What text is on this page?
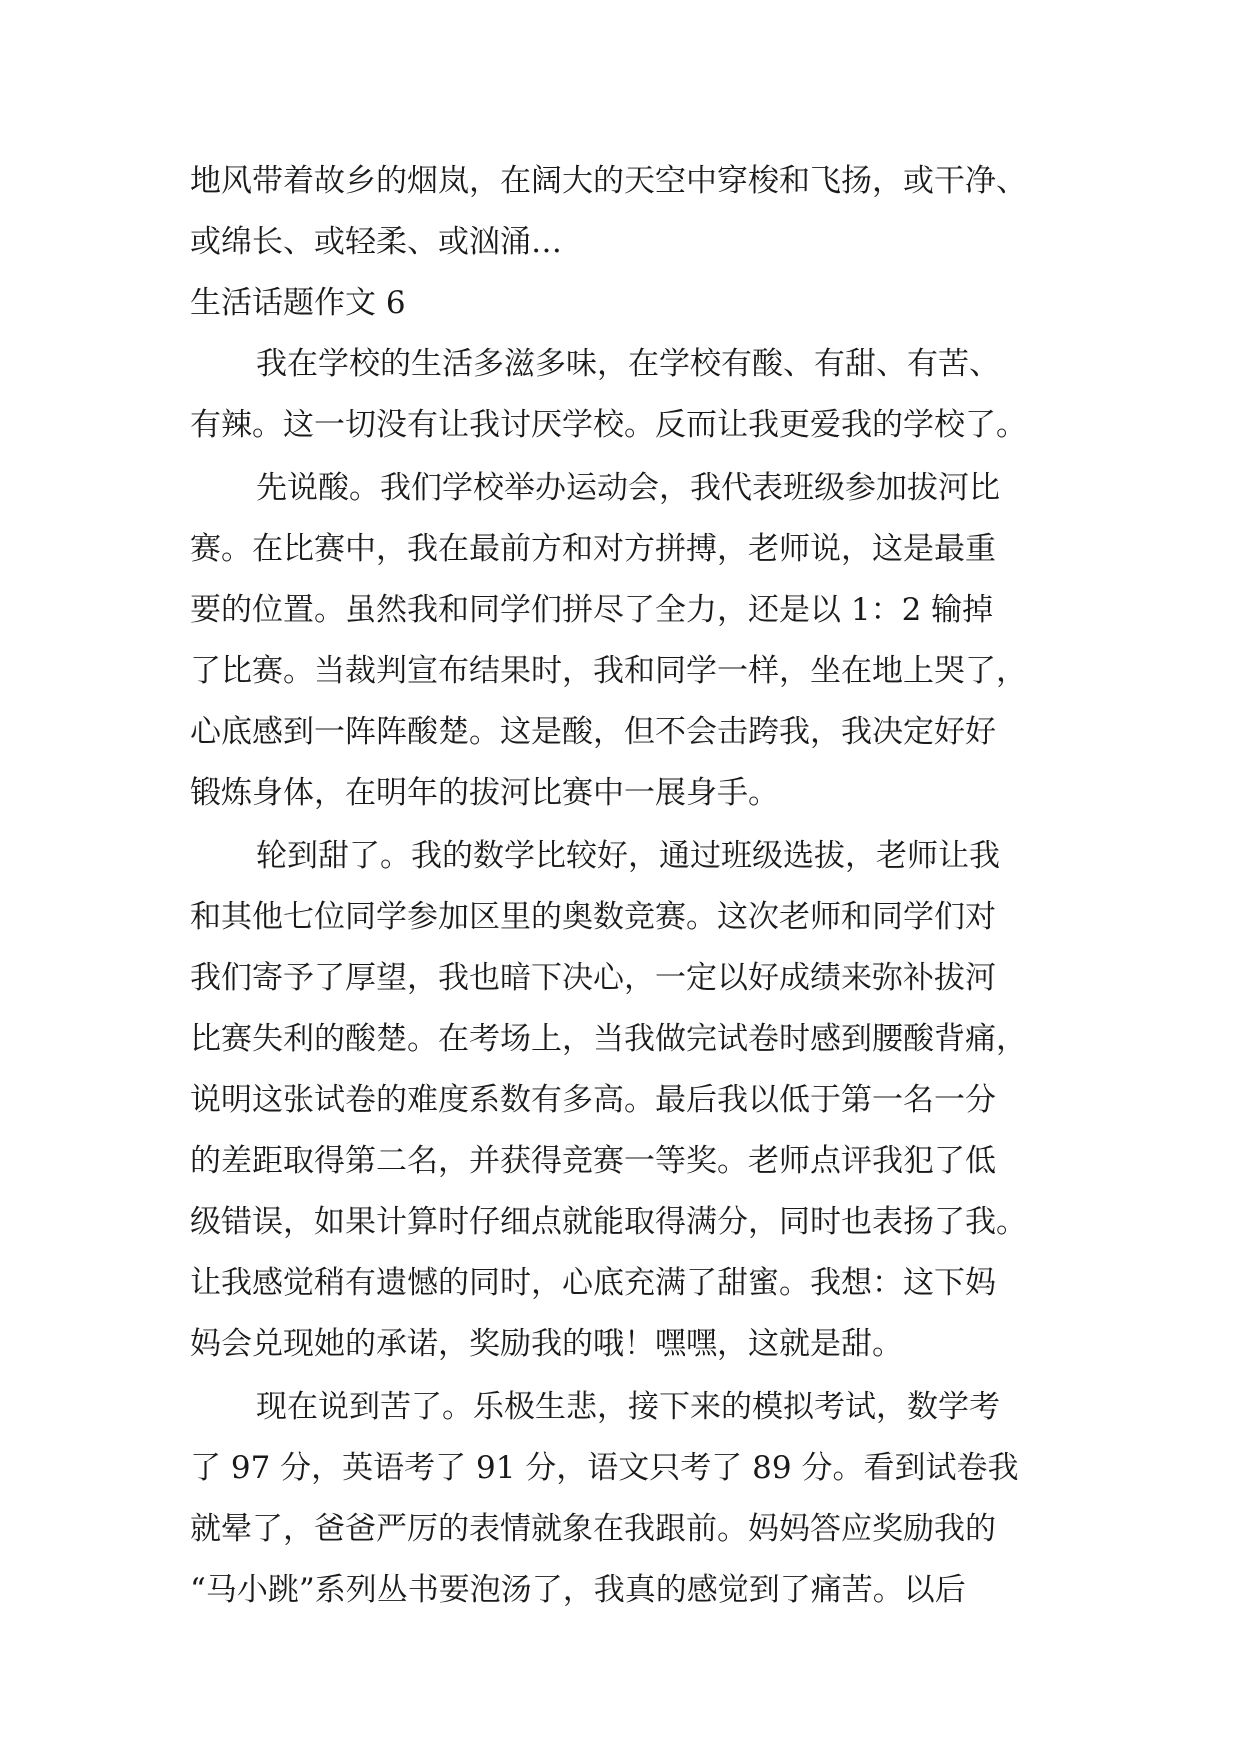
地风带着故乡的烟岚，在阔大的天空中穿梭和飞扬，或干净、
或绵长、或轻柔、或汹涌…
生活话题作文 6
我在学校的生活多滋多味，在学校有酸、有甜、有苦、
有辣。这一切没有让我讨厌学校。反而让我更爱我的学校了。
先说酸。我们学校举办运动会，我代表班级参加拔河比
赛。在比赛中，我在最前方和对方拼搏，老师说，这是最重
要的位置。虽然我和同学们拼尽了全力，还是以 1：2 输掉
了比赛。当裁判宣布结果时，我和同学一样，坐在地上哭了，
心底感到一阵阵酸楚。这是酸，但不会击跨我，我决定好好
锻炼身体，在明年的拔河比赛中一展身手。
轮到甜了。我的数学比较好，通过班级选拔，老师让我
和其他七位同学参加区里的奥数竞赛。这次老师和同学们对
我们寄予了厚望，我也暗下决心，一定以好成绩来弥补拔河
比赛失利的酸楚。在考场上，当我做完试卷时感到腰酸背痛，
说明这张试卷的难度系数有多高。最后我以低于第一名一分
的差距取得第二名，并获得竞赛一等奖。老师点评我犯了低
级错误，如果计算时仔细点就能取得满分，同时也表扬了我。
让我感觉稍有遗憾的同时，心底充满了甜蜜。我想：这下妈
妈会兑现她的承诺，奖励我的哦！嘿嘿，这就是甜。
现在说到苦了。乐极生悲，接下来的模拟考试，数学考
了 97 分，英语考了 91 分，语文只考了 89 分。看到试卷我
就晕了，爸爸严厉的表情就象在我跟前。妈妈答应奖励我的
“马小跳”系列丛书要泡汤了，我真的感觉到了痛苦。以后
